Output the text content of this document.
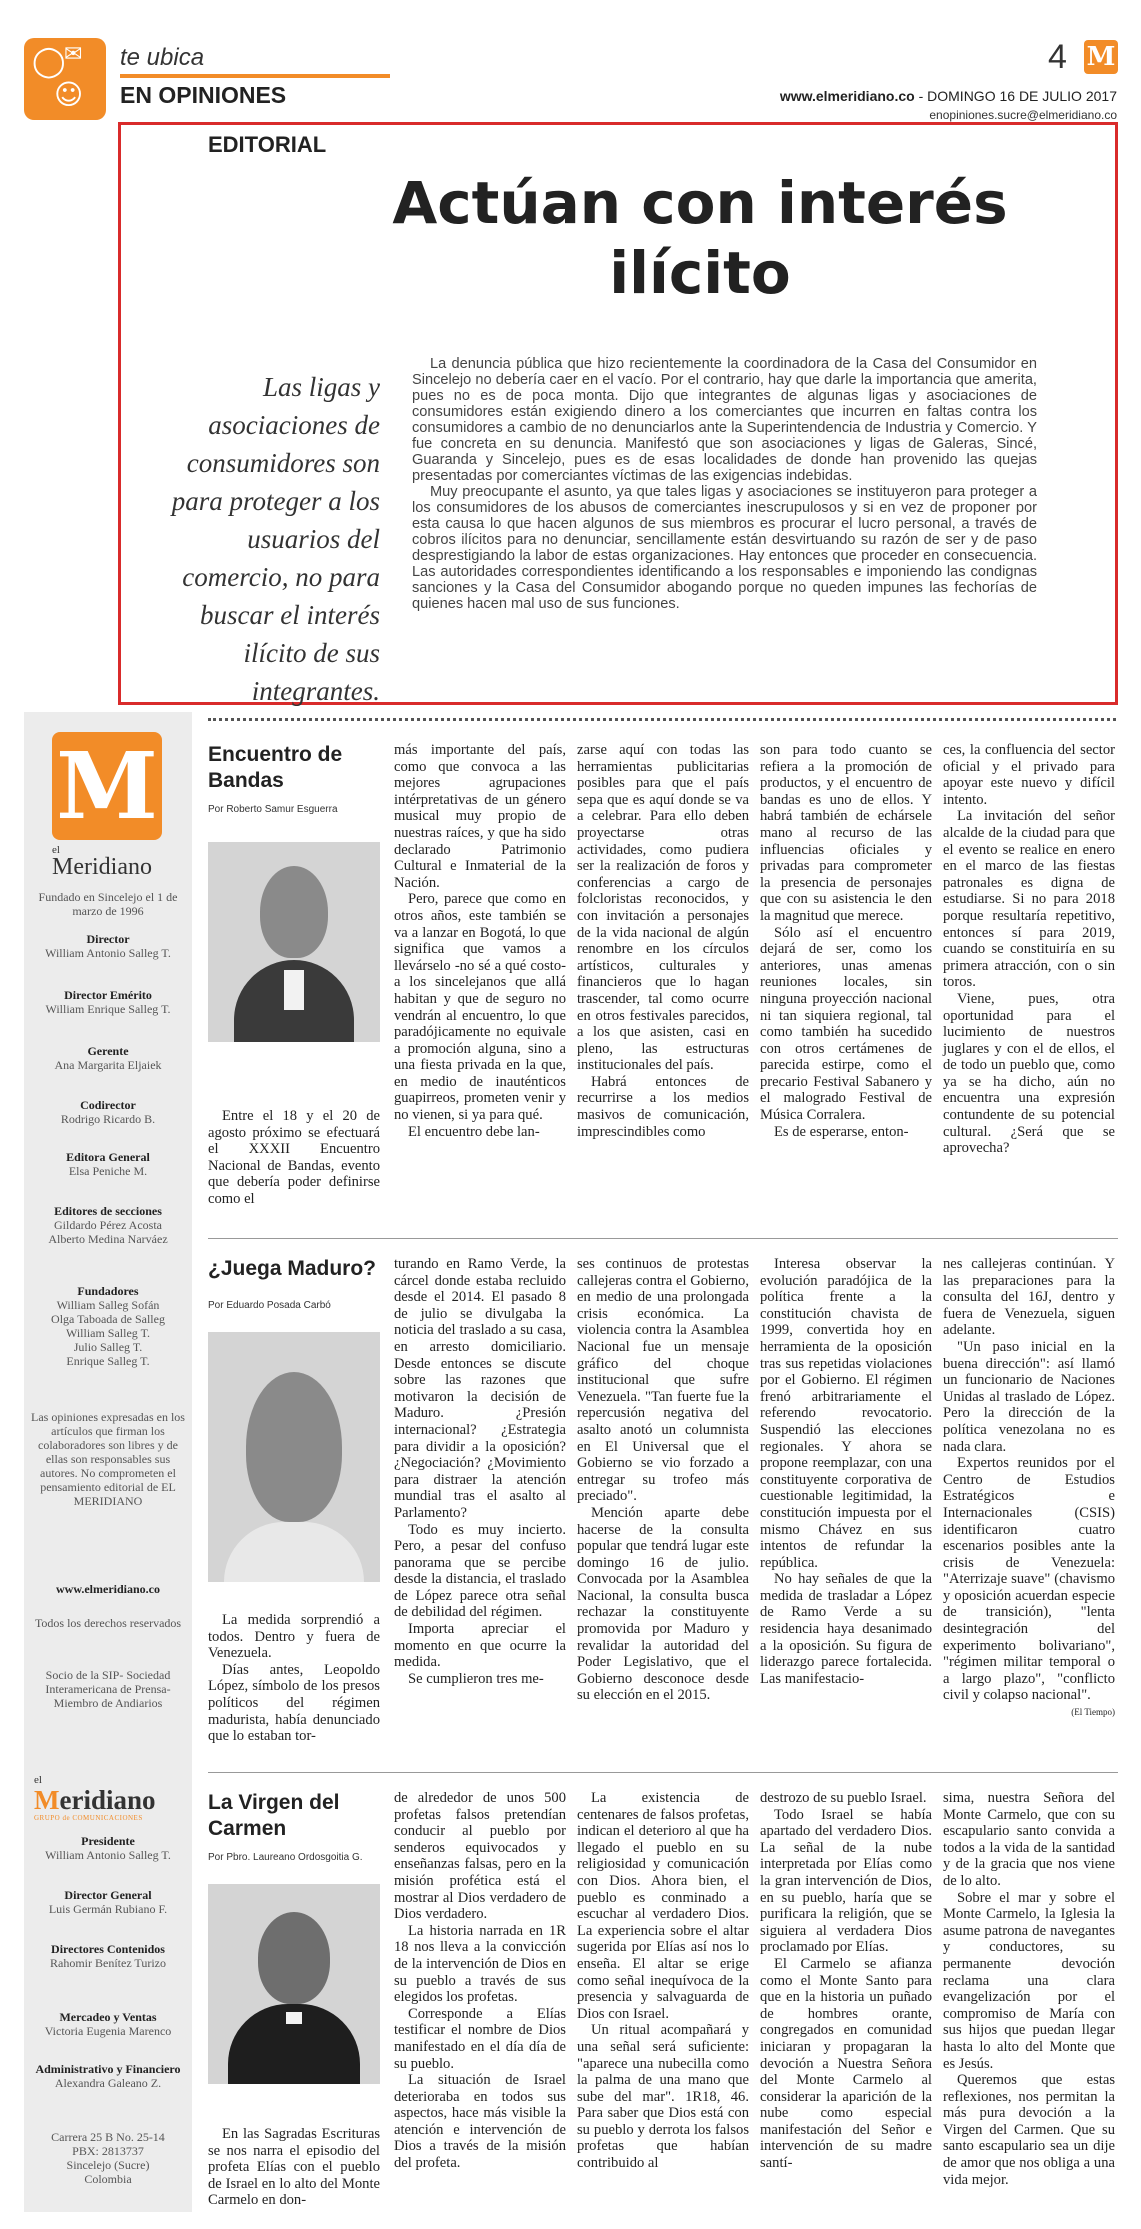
◯
✉
☺
te ubica
EN OPINIONES
4 M
www.elmeridiano.co - DOMINGO 16 DE JULIO 2017
enopiniones.sucre@elmeridiano.co
EDITORIAL
Actúan con interés ilícito
Las ligas y asociaciones de consumidores son para proteger a los usuarios del comercio, no para buscar el interés ilícito de sus integrantes.

La denuncia pública que hizo recientemente la coordinadora de la Casa del Consumidor en Sincelejo no debería caer en el vacío. Por el contrario, hay que darle la importancia que amerita, pues no es de poca monta. Dijo que integrantes de algunas ligas y asociaciones de consumidores están exigiendo dinero a los comerciantes que incurren en faltas contra los consumidores a cambio de no denunciarlos ante la Superintendencia de Industria y Comercio. Y fue concreta en su denuncia. Manifestó que son asociaciones y ligas de Galeras, Sincé, Guaranda y Sincelejo, pues es de esas localidades de donde han provenido las quejas presentadas por comerciantes víctimas de las exigencias indebidas.

Muy preocupante el asunto, ya que tales ligas y asociaciones se instituyeron para proteger a los consumidores de los abusos de comerciantes inescrupulosos y si en vez de proponer por esta causa lo que hacen algunos de sus miembros es procurar el lucro personal, a través de cobros ilícitos para no denunciar, sencillamente están desvirtuando su razón de ser y de paso desprestigiando la labor de estas organizaciones. Hay entonces que proceder en consecuencia. Las autoridades correspondientes identificando a los responsables e imponiendo las condignas sanciones y la Casa del Consumidor abogando porque no queden impunes las fechorías de quienes hacen mal uso de sus funciones.

M
el
Meridiano
Fundado en Sincelejo el 1 de marzo de 1996
Director
William Antonio Salleg T.
Director Emérito
William Enrique Salleg T.
Gerente
Ana Margarita Eljaiek
Codirector
Rodrigo Ricardo B.
Editora General
Elsa Peniche M.
Editores de secciones
Gildardo Pérez Acosta
Alberto Medina Narváez
Fundadores
William Salleg Sofán
Olga Taboada de Salleg
William Salleg T.
Julio Salleg T.
Enrique Salleg T.
Las opiniones expresadas en los artículos que firman los colaboradores son libres y de ellas son responsables sus autores. No comprometen el pensamiento editorial de EL MERIDIANO
www.elmeridiano.co
Todos los derechos reservados
Socio de la SIP- Sociedad Interamericana de Prensa- Miembro de Andiarios
el
Meridiano
GRUPO de COMUNICACIONES
Presidente
William Antonio Salleg T.
Director General
Luis Germán Rubiano F.
Directores Contenidos
Rahomir Benítez Turizo
Mercadeo y Ventas
Victoria Eugenia Marenco
Administrativo y Financiero
Alexandra Galeano Z.
Carrera 25 B No. 25-14
PBX: 2813737
Sincelejo (Sucre)
Colombia
Encuentro de Bandas
Por Roberto Samur Esguerra

Entre el 18 y el 20 de agosto próximo se efectuará el XXXII Encuentro Nacional de Bandas, evento que debería poder definirse como el

más importante del país, como que convoca a las mejores agrupaciones intérpretativas de un género musical muy propio de nuestras raíces, y que ha sido declarado Patrimonio Cultural e Inmaterial de la Nación.

Pero, parece que como en otros años, este también se va a lanzar en Bogotá, lo que significa que vamos a llevárselo -no sé a qué costo- a los sincelejanos que allá habitan y que de seguro no vendrán al encuentro, lo que paradójicamente no equivale a promoción alguna, sino a una fiesta privada en la que, en medio de inauténticos guapirreos, prometen venir y no vienen, si ya para qué.

El encuentro debe lan-

zarse aquí con todas las herramientas publicitarias posibles para que el país sepa que es aquí donde se va a celebrar. Para ello deben proyectarse otras actividades, como pudiera ser la realización de foros y conferencias a cargo de folcloristas reconocidos, y con invitación a personajes de la vida nacional de algún renombre en los círculos artísticos, culturales y financieros que lo hagan trascender, tal como ocurre en otros festivales parecidos, a los que asisten, casi en pleno, las estructuras institucionales del país.

Habrá entonces de recurrirse a los medios masivos de comunicación, imprescindibles como

son para todo cuanto se refiera a la promoción de productos, y el encuentro de bandas es uno de ellos. Y habrá también de echársele mano al recurso de las influencias oficiales y privadas para comprometer la presencia de personajes que con su asistencia le den la magnitud que merece.

Sólo así el encuentro dejará de ser, como los anteriores, unas amenas reuniones locales, sin ninguna proyección nacional ni tan siquiera regional, tal como también ha sucedido con otros certámenes de parecida estirpe, como el precario Festival Sabanero y el malogrado Festival de Música Corralera.

Es de esperarse, enton-

ces, la confluencia del sector oficial y el privado para apoyar este nuevo y difícil intento.

La invitación del señor alcalde de la ciudad para que el evento se realice en enero en el marco de las fiestas patronales es digna de estudiarse. Si no para 2018 porque resultaría repetitivo, entonces sí para 2019, cuando se constituiría en su primera atracción, con o sin toros.

Viene, pues, otra oportunidad para el lucimiento de nuestros juglares y con el de ellos, el de todo un pueblo que, como ya se ha dicho, aún no encuentra una expresión contundente de su potencial cultural. ¿Será que se aprovecha?

¿Juega Maduro?
Por Eduardo Posada Carbó

La medida sorprendió a todos. Dentro y fuera de Venezuela.

Días antes, Leopoldo López, símbolo de los presos políticos del régimen madurista, había denunciado que lo estaban tor-

turando en Ramo Verde, la cárcel donde estaba recluido desde el 2014. El pasado 8 de julio se divulgaba la noticia del traslado a su casa, en arresto domiciliario. Desde entonces se discute sobre las razones que motivaron la decisión de Maduro. ¿Presión internacional? ¿Estrategia para dividir a la oposición? ¿Negociación? ¿Movimiento para distraer la atención mundial tras el asalto al Parlamento?

Todo es muy incierto. Pero, a pesar del confuso panorama que se percibe desde la distancia, el traslado de López parece otra señal de debilidad del régimen.

Importa apreciar el momento en que ocurre la medida.

Se cumplieron tres me-

ses continuos de protestas callejeras contra el Gobierno, en medio de una prolongada crisis económica. La violencia contra la Asamblea Nacional fue un mensaje gráfico del choque institucional que sufre Venezuela. "Tan fuerte fue la repercusión negativa del asalto anotó un columnista en El Universal que el Gobierno se vio forzado a entregar su trofeo más preciado".

Mención aparte debe hacerse de la consulta popular que tendrá lugar este domingo 16 de julio. Convocada por la Asamblea Nacional, la consulta busca rechazar la constituyente promovida por Maduro y revalidar la autoridad del Poder Legislativo, que el Gobierno desconoce desde su elección en el 2015.

Interesa observar la evolución paradójica de la política frente a la constitución chavista de 1999, convertida hoy en herramienta de la oposición tras sus repetidas violaciones por el Gobierno. El régimen frenó arbitrariamente el referendo revocatorio. Suspendió las elecciones regionales. Y ahora se propone reemplazar, con una constituyente corporativa de cuestionable legitimidad, la constitución impuesta por el mismo Chávez en sus intentos de refundar la república.

No hay señales de que la medida de trasladar a López de Ramo Verde a su residencia haya desanimado a la oposición. Su figura de liderazgo parece fortalecida. Las manifestacio-

nes callejeras continúan. Y las preparaciones para la consulta del 16J, dentro y fuera de Venezuela, siguen adelante.

"Un paso inicial en la buena dirección": así llamó un funcionario de Naciones Unidas al traslado de López. Pero la dirección de la política venezolana no es nada clara.

Expertos reunidos por el Centro de Estudios Estratégicos e Internacionales (CSIS) identificaron cuatro escenarios posibles ante la crisis de Venezuela: "Aterrizaje suave" (chavismo y oposición acuerdan especie de transición), "lenta desintegración del experimento bolivariano", "régimen militar temporal o a largo plazo", "conflicto civil y colapso nacional".

(El Tiempo)
La Virgen del Carmen
Por Pbro. Laureano Ordosgoitia G.

En las Sagradas Escrituras se nos narra el episodio del profeta Elías con el pueblo de Israel en lo alto del Monte Carmelo en don-

de alrededor de unos 500 profetas falsos pretendían conducir al pueblo por senderos equivocados y enseñanzas falsas, pero en la misión profética está el mostrar al Dios verdadero de Dios verdadero.

La historia narrada en 1R 18 nos lleva a la convicción de la intervención de Dios en su pueblo a través de sus elegidos los profetas.

Corresponde a Elías testificar el nombre de Dios manifestado en el día día de su pueblo.

La situación de Israel deterioraba en todos sus aspectos, hace más visible la atención e intervención de Dios a través de la misión del profeta.

La existencia de centenares de falsos profetas, indican el deterioro al que ha llegado el pueblo en su religiosidad y comunicación con Dios. Ahora bien, el pueblo es conminado a escuchar al verdadero Dios. La experiencia sobre el altar sugerida por Elías así nos lo enseña. El altar se erige como señal inequívoca de la presencia y salvaguarda de Dios con Israel.

Un ritual acompañará y una señal será suficiente: "aparece una nubecilla como la palma de una mano que sube del mar". 1R18, 46. Para saber que Dios está con su pueblo y derrota los falsos profetas que habían contribuido al

destrozo de su pueblo Israel.

Todo Israel se había apartado del verdadero Dios. La señal de la nube interpretada por Elías como la gran intervención de Dios, en su pueblo, haría que se purificara la religión, que se siguiera al verdadera Dios proclamado por Elías.

El Carmelo se afianza como el Monte Santo para que en la historia un puñado de hombres orante, congregados en comunidad iniciaran y propagaran la devoción a Nuestra Señora del Monte Carmelo al considerar la aparición de la nube como especial manifestación del Señor e intervención de su madre santí-

sima, nuestra Señora del Monte Carmelo, que con su escapulario santo convida a todos a la vida de la santidad y de la gracia que nos viene de lo alto.

Sobre el mar y sobre el Monte Carmelo, la Iglesia la asume patrona de navegantes y conductores, su permanente devoción reclama una clara evangelización por el compromiso de María con sus hijos que puedan llegar hasta lo alto del Monte que es Jesús.

Queremos que estas reflexiones, nos permitan la más pura devoción a la Virgen del Carmen. Que su santo escapulario sea un dije de amor que nos obliga a una vida mejor.
